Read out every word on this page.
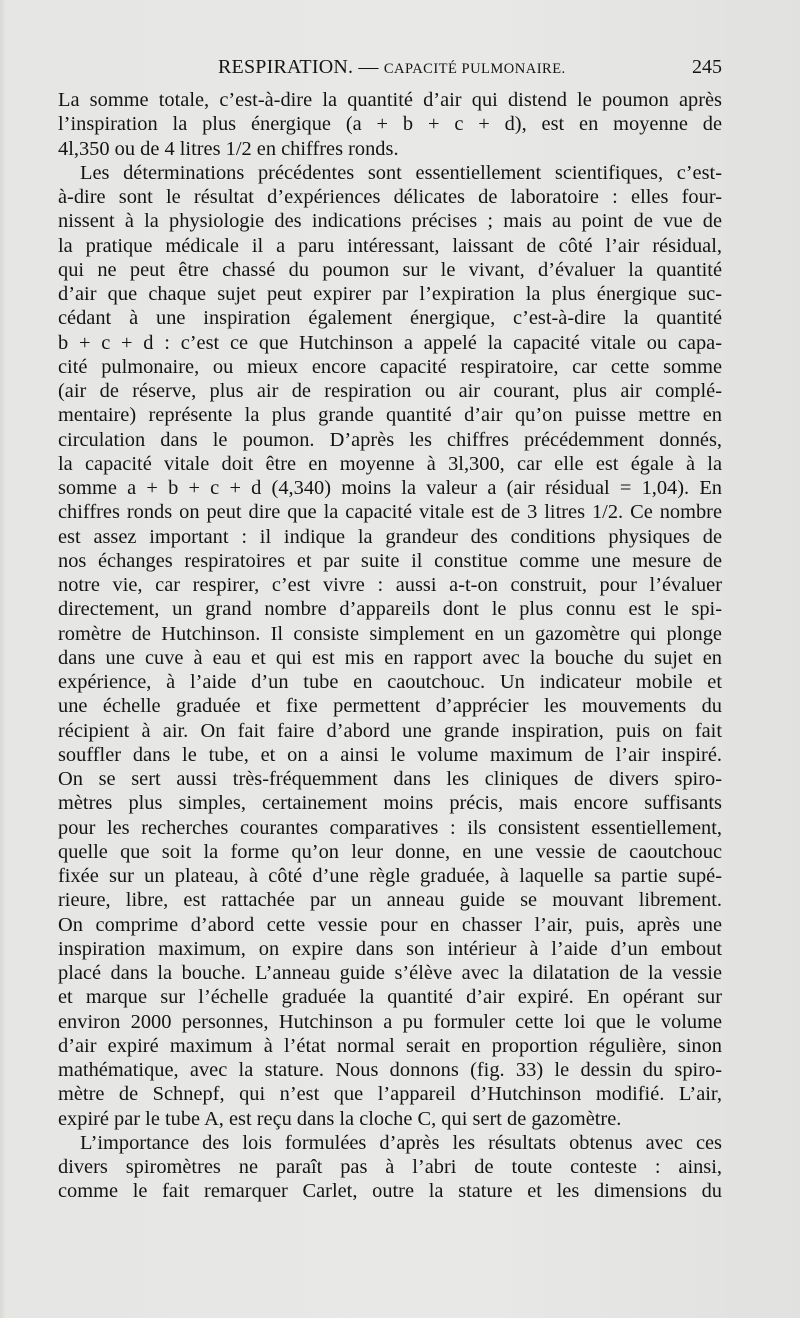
RESPIRATION. — CAPACITÉ PULMONAIRE.	245
La somme totale, c’est-à-dire la quantité d’air qui distend le poumon après
l’inspiration la plus énergique (a + b + c + d), est en moyenne de
4l,350 ou de 4 litres 1/2 en chiffres ronds.
Les déterminations précédentes sont essentiellement scientifiques, c’est-
à-dire sont le résultat d’expériences délicates de laboratoire : elles four-
nissent à la physiologie des indications précises ; mais au point de vue de
la pratique médicale il a paru intéressant, laissant de côté l’air résidual,
qui ne peut être chassé du poumon sur le vivant, d’évaluer la quantité
d’air que chaque sujet peut expirer par l’expiration la plus énergique suc-
cédant à une inspiration également énergique, c’est-à-dire la quantité
b + c + d : c’est ce que Hutchinson a appelé la capacité vitale ou capa-
cité pulmonaire, ou mieux encore capacité respiratoire, car cette somme
(air de réserve, plus air de respiration ou air courant, plus air complé-
mentaire) représente la plus grande quantité d’air qu’on puisse mettre en
circulation dans le poumon. D’après les chiffres précédemment donnés,
la capacité vitale doit être en moyenne à 3l,300, car elle est égale à la
somme a + b + c + d (4,340) moins la valeur a (air résidual = 1,04). En
chiffres ronds on peut dire que la capacité vitale est de 3 litres 1/2. Ce nombre
est assez important : il indique la grandeur des conditions physiques de
nos échanges respiratoires et par suite il constitue comme une mesure de
notre vie, car respirer, c’est vivre : aussi a-t-on construit, pour l’évaluer
directement, un grand nombre d’appareils dont le plus connu est le spi-
romètre de Hutchinson. Il consiste simplement en un gazomètre qui plonge
dans une cuve à eau et qui est mis en rapport avec la bouche du sujet en
expérience, à l’aide d’un tube en caoutchouc. Un indicateur mobile et
une échelle graduée et fixe permettent d’apprécier les mouvements du
récipient à air. On fait faire d’abord une grande inspiration, puis on fait
souffler dans le tube, et on a ainsi le volume maximum de l’air inspiré.
On se sert aussi très-fréquemment dans les cliniques de divers spiro-
mètres plus simples, certainement moins précis, mais encore suffisants
pour les recherches courantes comparatives : ils consistent essentiellement,
quelle que soit la forme qu’on leur donne, en une vessie de caoutchouc
fixée sur un plateau, à côté d’une règle graduée, à laquelle sa partie supé-
rieure, libre, est rattachée par un anneau guide se mouvant librement.
On comprime d’abord cette vessie pour en chasser l’air, puis, après une
inspiration maximum, on expire dans son intérieur à l’aide d’un embout
placé dans la bouche. L’anneau guide s’élève avec la dilatation de la vessie
et marque sur l’échelle graduée la quantité d’air expiré. En opérant sur
environ 2000 personnes, Hutchinson a pu formuler cette loi que le volume
d’air expiré maximum à l’état normal serait en proportion régulière, sinon
mathématique, avec la stature. Nous donnons (fig. 33) le dessin du spiro-
mètre de Schnepf, qui n’est que l’appareil d’Hutchinson modifié. L’air,
expiré par le tube A, est reçu dans la cloche C, qui sert de gazomètre.
L’importance des lois formulées d’après les résultats obtenus avec ces
divers spiromètres ne paraît pas à l’abri de toute conteste : ainsi,
comme le fait remarquer Carlet, outre la stature et les dimensions du
